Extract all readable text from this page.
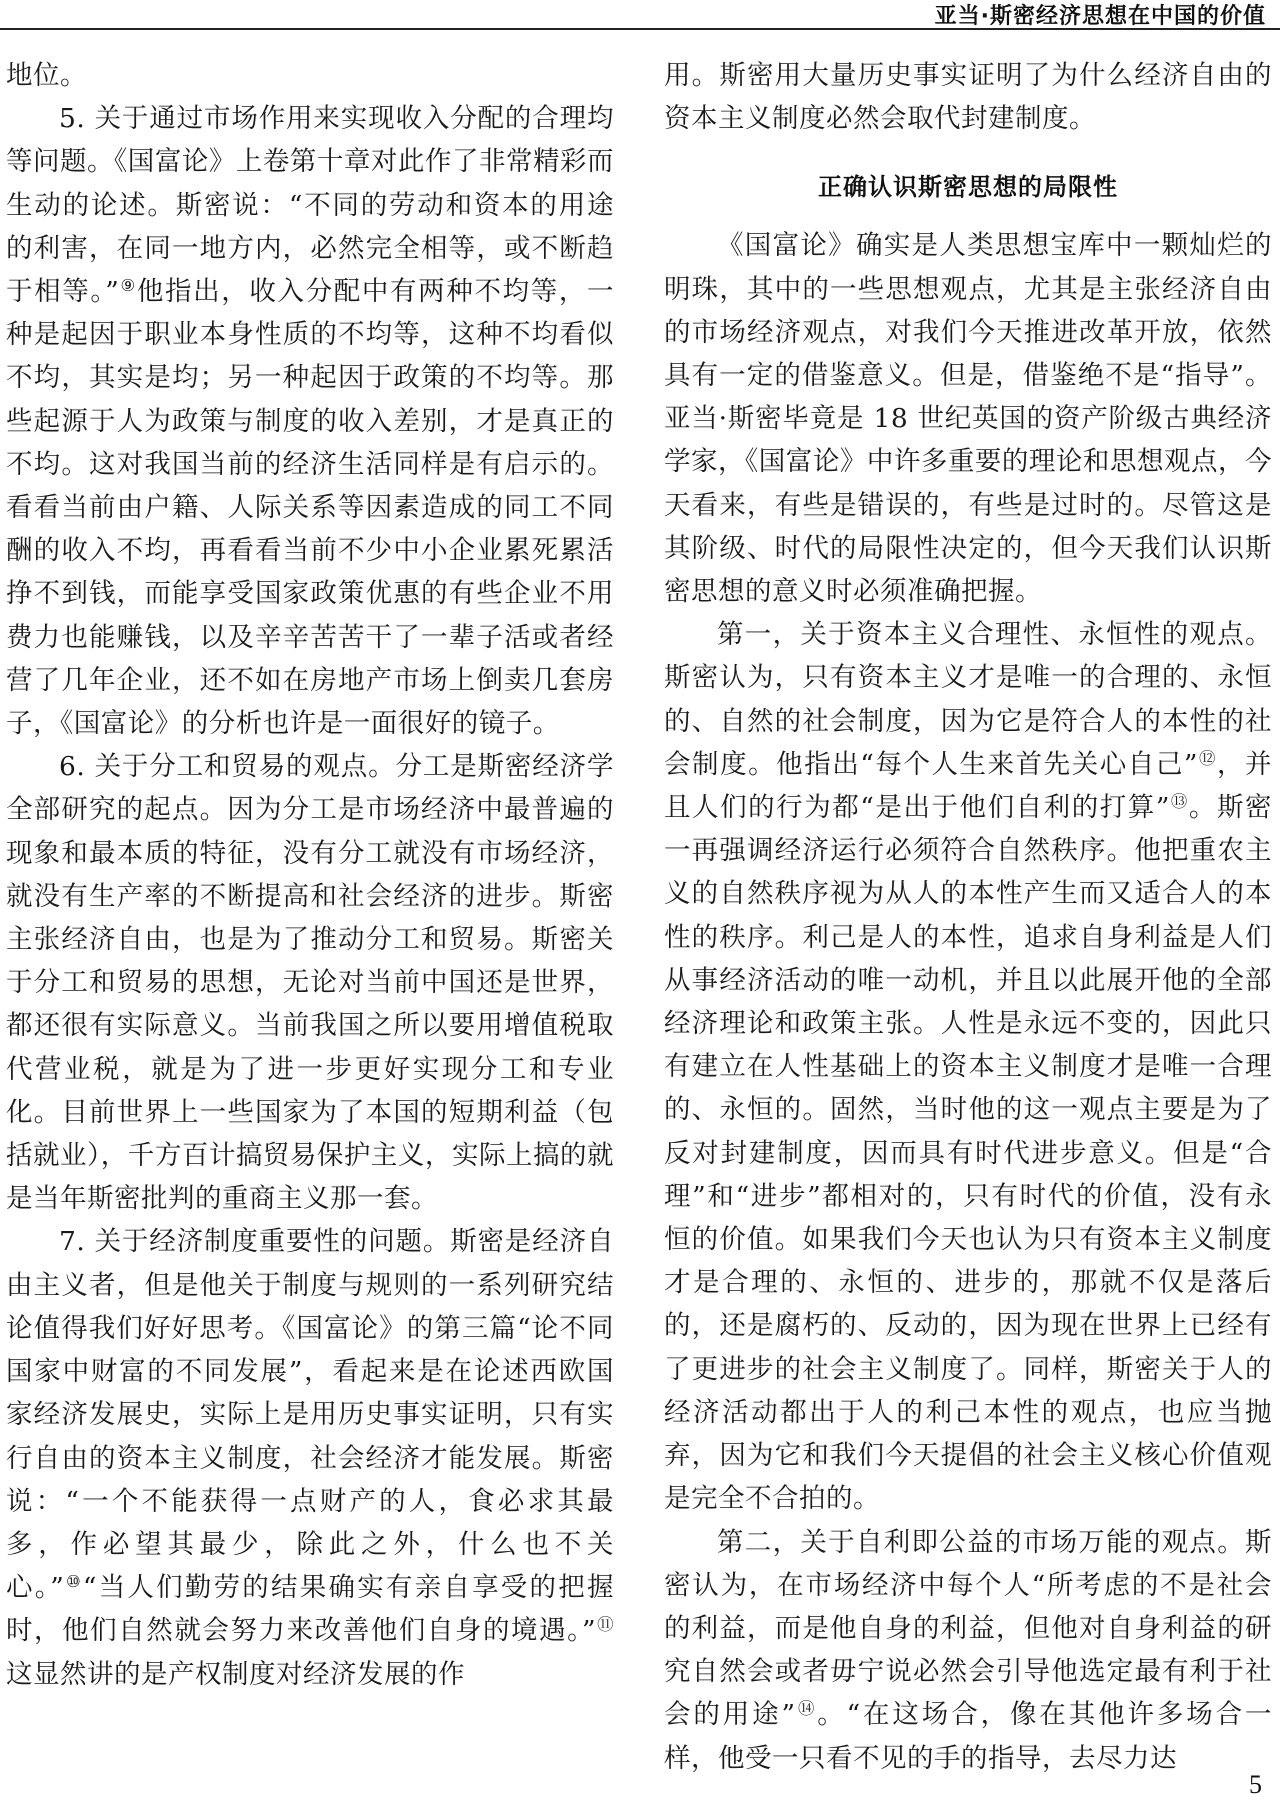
亚当·斯密经济思想在中国的价值

地位。

5. 关于通过市场作用来实现收入分配的合理均等问题。《国富论》上卷第十章对此作了非常精彩而生动的论述。斯密说：“不同的劳动和资本的用途的利害，在同一地方内，必然完全相等，或不断趋于相等。”⑨他指出，收入分配中有两种不均等，一种是起因于职业本身性质的不均等，这种不均看似不均，其实是均；另一种起因于政策的不均等。那些起源于人为政策与制度的收入差别，才是真正的不均。这对我国当前的经济生活同样是有启示的。看看当前由户籍、人际关系等因素造成的同工不同酬的收入不均，再看看当前不少中小企业累死累活挣不到钱，而能享受国家政策优惠的有些企业不用费力也能赚钱，以及辛辛苦苦干了一辈子活或者经营了几年企业，还不如在房地产市场上倒卖几套房子，《国富论》的分析也许是一面很好的镜子。

6. 关于分工和贸易的观点。分工是斯密经济学全部研究的起点。因为分工是市场经济中最普遍的现象和最本质的特征，没有分工就没有市场经济，就没有生产率的不断提高和社会经济的进步。斯密主张经济自由，也是为了推动分工和贸易。斯密关于分工和贸易的思想，无论对当前中国还是世界，都还很有实际意义。当前我国之所以要用增值税取代营业税，就是为了进一步更好实现分工和专业化。目前世界上一些国家为了本国的短期利益（包括就业），千方百计搞贸易保护主义，实际上搞的就是当年斯密批判的重商主义那一套。

7. 关于经济制度重要性的问题。斯密是经济自由主义者，但是他关于制度与规则的一系列研究结论值得我们好好思考。《国富论》的第三篇“论不同国家中财富的不同发展”，看起来是在论述西欧国家经济发展史，实际上是用历史事实证明，只有实行自由的资本主义制度，社会经济才能发展。斯密说：“一个不能获得一点财产的人，食必求其最多，作必望其最少，除此之外，什么也不关心。”⑩“当人们勤劳的结果确实有亲自享受的把握时，他们自然就会努力来改善他们自身的境遇。”⑪这显然讲的是产权制度对经济发展的作

用。斯密用大量历史事实证明了为什么经济自由的资本主义制度必然会取代封建制度。

正确认识斯密思想的局限性

《国富论》确实是人类思想宝库中一颗灿烂的明珠，其中的一些思想观点，尤其是主张经济自由的市场经济观点，对我们今天推进改革开放，依然具有一定的借鉴意义。但是，借鉴绝不是“指导”。亚当·斯密毕竟是 18 世纪英国的资产阶级古典经济学家，《国富论》中许多重要的理论和思想观点，今天看来，有些是错误的，有些是过时的。尽管这是其阶级、时代的局限性决定的，但今天我们认识斯密思想的意义时必须准确把握。

第一，关于资本主义合理性、永恒性的观点。斯密认为，只有资本主义才是唯一的合理的、永恒的、自然的社会制度，因为它是符合人的本性的社会制度。他指出“每个人生来首先关心自己”⑫，并且人们的行为都“是出于他们自利的打算”⑬。斯密一再强调经济运行必须符合自然秩序。他把重农主义的自然秩序视为从人的本性产生而又适合人的本性的秩序。利己是人的本性，追求自身利益是人们从事经济活动的唯一动机，并且以此展开他的全部经济理论和政策主张。人性是永远不变的，因此只有建立在人性基础上的资本主义制度才是唯一合理的、永恒的。固然，当时他的这一观点主要是为了反对封建制度，因而具有时代进步意义。但是“合理”和“进步”都相对的，只有时代的价值，没有永恒的价值。如果我们今天也认为只有资本主义制度才是合理的、永恒的、进步的，那就不仅是落后的，还是腐朽的、反动的，因为现在世界上已经有了更进步的社会主义制度了。同样，斯密关于人的经济活动都出于人的利己本性的观点，也应当抛弃，因为它和我们今天提倡的社会主义核心价值观是完全不合拍的。

第二，关于自利即公益的市场万能的观点。斯密认为，在市场经济中每个人“所考虑的不是社会的利益，而是他自身的利益，但他对自身利益的研究自然会或者毋宁说必然会引导他选定最有利于社会的用途”⑭。“在这场合，像在其他许多场合一样，他受一只看不见的手的指导，去尽力达

5
